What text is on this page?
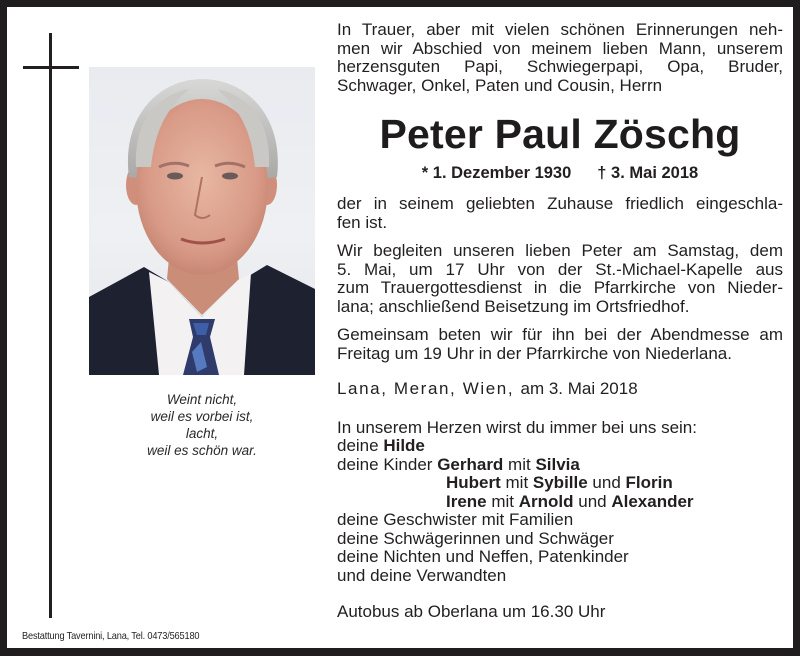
Weint nicht,
weil es vorbei ist,
lacht,
weil es schön war.
Bestattung Tavernini, Lana, Tel. 0473/565180
In Trauer, aber mit vielen schönen Erinnerungen neh-
men wir Abschied von meinem lieben Mann, unserem
herzensguten Papi, Schwiegerpapi, Opa, Bruder,
Schwager, Onkel, Paten und Cousin, Herrn
Peter Paul Zöschg
* 1. Dezember 1930 † 3. Mai 2018
der in seinem geliebten Zuhause friedlich eingeschla-
fen ist.
Wir begleiten unseren lieben Peter am Samstag, dem
5. Mai, um 17 Uhr von der St.-Michael-Kapelle aus
zum Trauergottesdienst in die Pfarrkirche von Nieder-
lana; anschließend Beisetzung im Ortsfriedhof.
Gemeinsam beten wir für ihn bei der Abendmesse am
Freitag um 19 Uhr in der Pfarrkirche von Niederlana.
Lana, Meran, Wien, am 3. Mai 2018
In unserem Herzen wirst du immer bei uns sein:
deine Hilde
deine Kinder Gerhard mit Silvia
Hubert mit Sybille und Florin
Irene mit Arnold und Alexander
deine Geschwister mit Familien
deine Schwägerinnen und Schwäger
deine Nichten und Neffen, Patenkinder
und deine Verwandten
Autobus ab Oberlana um 16.30 Uhr
